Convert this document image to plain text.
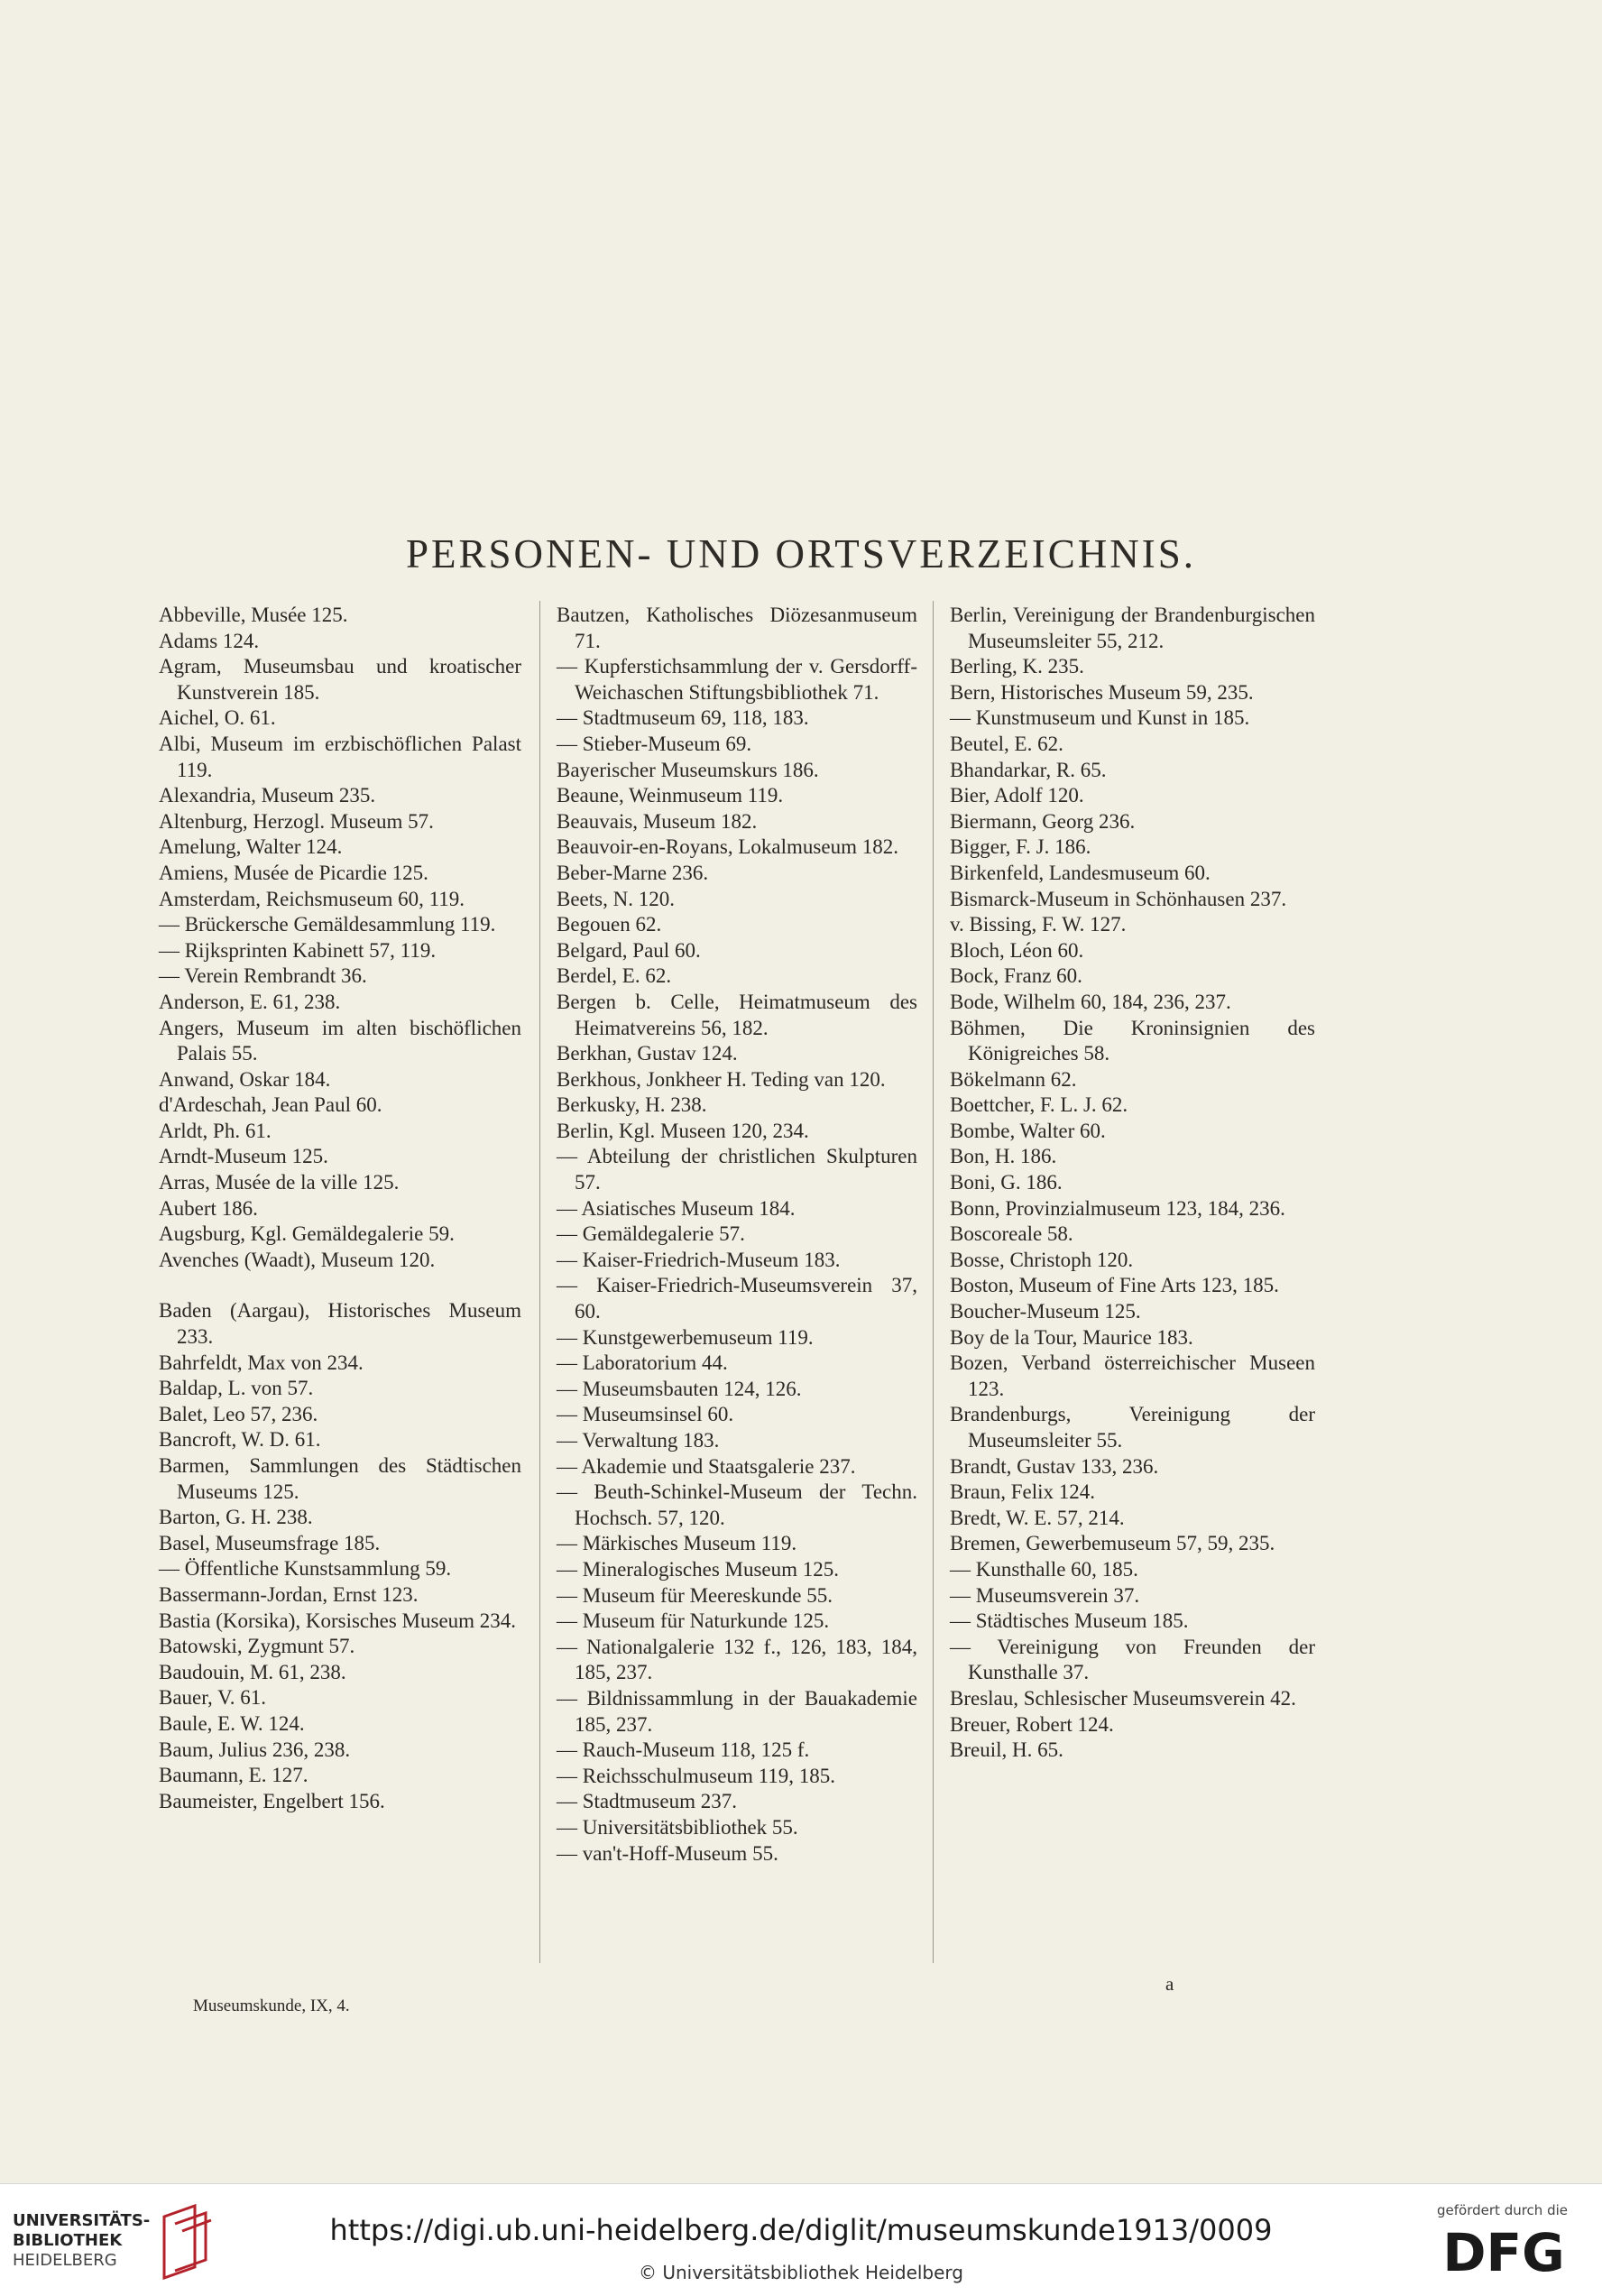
PERSONEN- UND ORTSVERZEICHNIS.
Abbeville, Musée 125.
Adams 124.
Agram, Museumsbau und kroatischer Kunstverein 185.
Aichel, O. 61.
Albi, Museum im erzbischöflichen Palast 119.
Alexandria, Museum 235.
Altenburg, Herzogl. Museum 57.
Amelung, Walter 124.
Amiens, Musée de Picardie 125.
Amsterdam, Reichsmuseum 60, 119.
— Brückersche Gemäldesammlung 119.
— Rijksprinten Kabinett 57, 119.
— Verein Rembrandt 36.
Anderson, E. 61, 238.
Angers, Museum im alten bischöflichen Palais 55.
Anwand, Oskar 184.
d'Ardeschah, Jean Paul 60.
Arldt, Ph. 61.
Arndt-Museum 125.
Arras, Musée de la ville 125.
Aubert 186.
Augsburg, Kgl. Gemäldegalerie 59.
Avenches (Waadt), Museum 120.
Baden (Aargau), Historisches Museum 233.
Bahrfeldt, Max von 234.
Baldap, L. von 57.
Balet, Leo 57, 236.
Bancroft, W. D. 61.
Barmen, Sammlungen des Städtischen Museums 125.
Barton, G. H. 238.
Basel, Museumsfrage 185.
— Öffentliche Kunstsammlung 59.
Bassermann-Jordan, Ernst 123.
Bastia (Korsika), Korsisches Museum 234.
Batowski, Zygmunt 57.
Baudouin, M. 61, 238.
Bauer, V. 61.
Baule, E. W. 124.
Baum, Julius 236, 238.
Baumann, E. 127.
Baumeister, Engelbert 156.
Bautzen, Katholisches Diözesanmuseum 71.
— Kupferstichsammlung der v. Gersdorff-Weichaschen Stiftungsbibliothek 71.
— Stadtmuseum 69, 118, 183.
— Stieber-Museum 69.
Bayerischer Museumskurs 186.
Beaune, Weinmuseum 119.
Beauvais, Museum 182.
Beauvoir-en-Royans, Lokalmuseum 182.
Beber-Marne 236.
Beets, N. 120.
Begouen 62.
Belgard, Paul 60.
Berdel, E. 62.
Bergen b. Celle, Heimatmuseum des Heimatvereins 56, 182.
Berkhan, Gustav 124.
Berkhous, Jonkheer H. Teding van 120.
Berkusky, H. 238.
Berlin, Kgl. Museen 120, 234.
— Abteilung der christlichen Skulpturen 57.
— Asiatisches Museum 184.
— Gemäldegalerie 57.
— Kaiser-Friedrich-Museum 183.
— Kaiser-Friedrich-Museumsverein 37, 60.
— Kunstgewerbemuseum 119.
— Laboratorium 44.
— Museumsbauten 124, 126.
— Museumsinsel 60.
— Verwaltung 183.
— Akademie und Staatsgalerie 237.
— Beuth-Schinkel-Museum der Techn. Hochsch. 57, 120.
— Märkisches Museum 119.
— Mineralogisches Museum 125.
— Museum für Meereskunde 55.
— Museum für Naturkunde 125.
— Nationalgalerie 132 f., 126, 183, 184, 185, 237.
— Bildnissammlung in der Bauakademie 185, 237.
— Rauch-Museum 118, 125 f.
— Reichsschulmuseum 119, 185.
— Stadtmuseum 237.
— Universitätsbibliothek 55.
— van't-Hoff-Museum 55.
Berlin, Vereinigung der Brandenburgischen Museumsleiter 55, 212.
Berling, K. 235.
Bern, Historisches Museum 59, 235.
— Kunstmuseum und Kunst in 185.
Beutel, E. 62.
Bhandarkar, R. 65.
Bier, Adolf 120.
Biermann, Georg 236.
Bigger, F. J. 186.
Birkenfeld, Landesmuseum 60.
Bismarck-Museum in Schönhausen 237.
v. Bissing, F. W. 127.
Bloch, Léon 60.
Bock, Franz 60.
Bode, Wilhelm 60, 184, 236, 237.
Böhmen, Die Kroninsignien des Königreiches 58.
Bökelmann 62.
Boettcher, F. L. J. 62.
Bombe, Walter 60.
Bon, H. 186.
Boni, G. 186.
Bonn, Provinzialmuseum 123, 184, 236.
Boscoreale 58.
Bosse, Christoph 120.
Boston, Museum of Fine Arts 123, 185.
Boucher-Museum 125.
Boy de la Tour, Maurice 183.
Bozen, Verband österreichischer Museen 123.
Brandenburgs, Vereinigung der Museumsleiter 55.
Brandt, Gustav 133, 236.
Braun, Felix 124.
Bredt, W. E. 57, 214.
Bremen, Gewerbemuseum 57, 59, 235.
— Kunsthalle 60, 185.
— Museumsverein 37.
— Städtisches Museum 185.
— Vereinigung von Freunden der Kunsthalle 37.
Breslau, Schlesischer Museumsverein 42.
Breuer, Robert 124.
Breuil, H. 65.
Museumskunde, IX, 4.
a
UNIVERSITÄTS-
BIBLIOTHEK
HEIDELBERG
https://digi.ub.uni-heidelberg.de/diglit/museumskunde1913/0009
© Universitätsbibliothek Heidelberg
gefördert durch die
DFG
